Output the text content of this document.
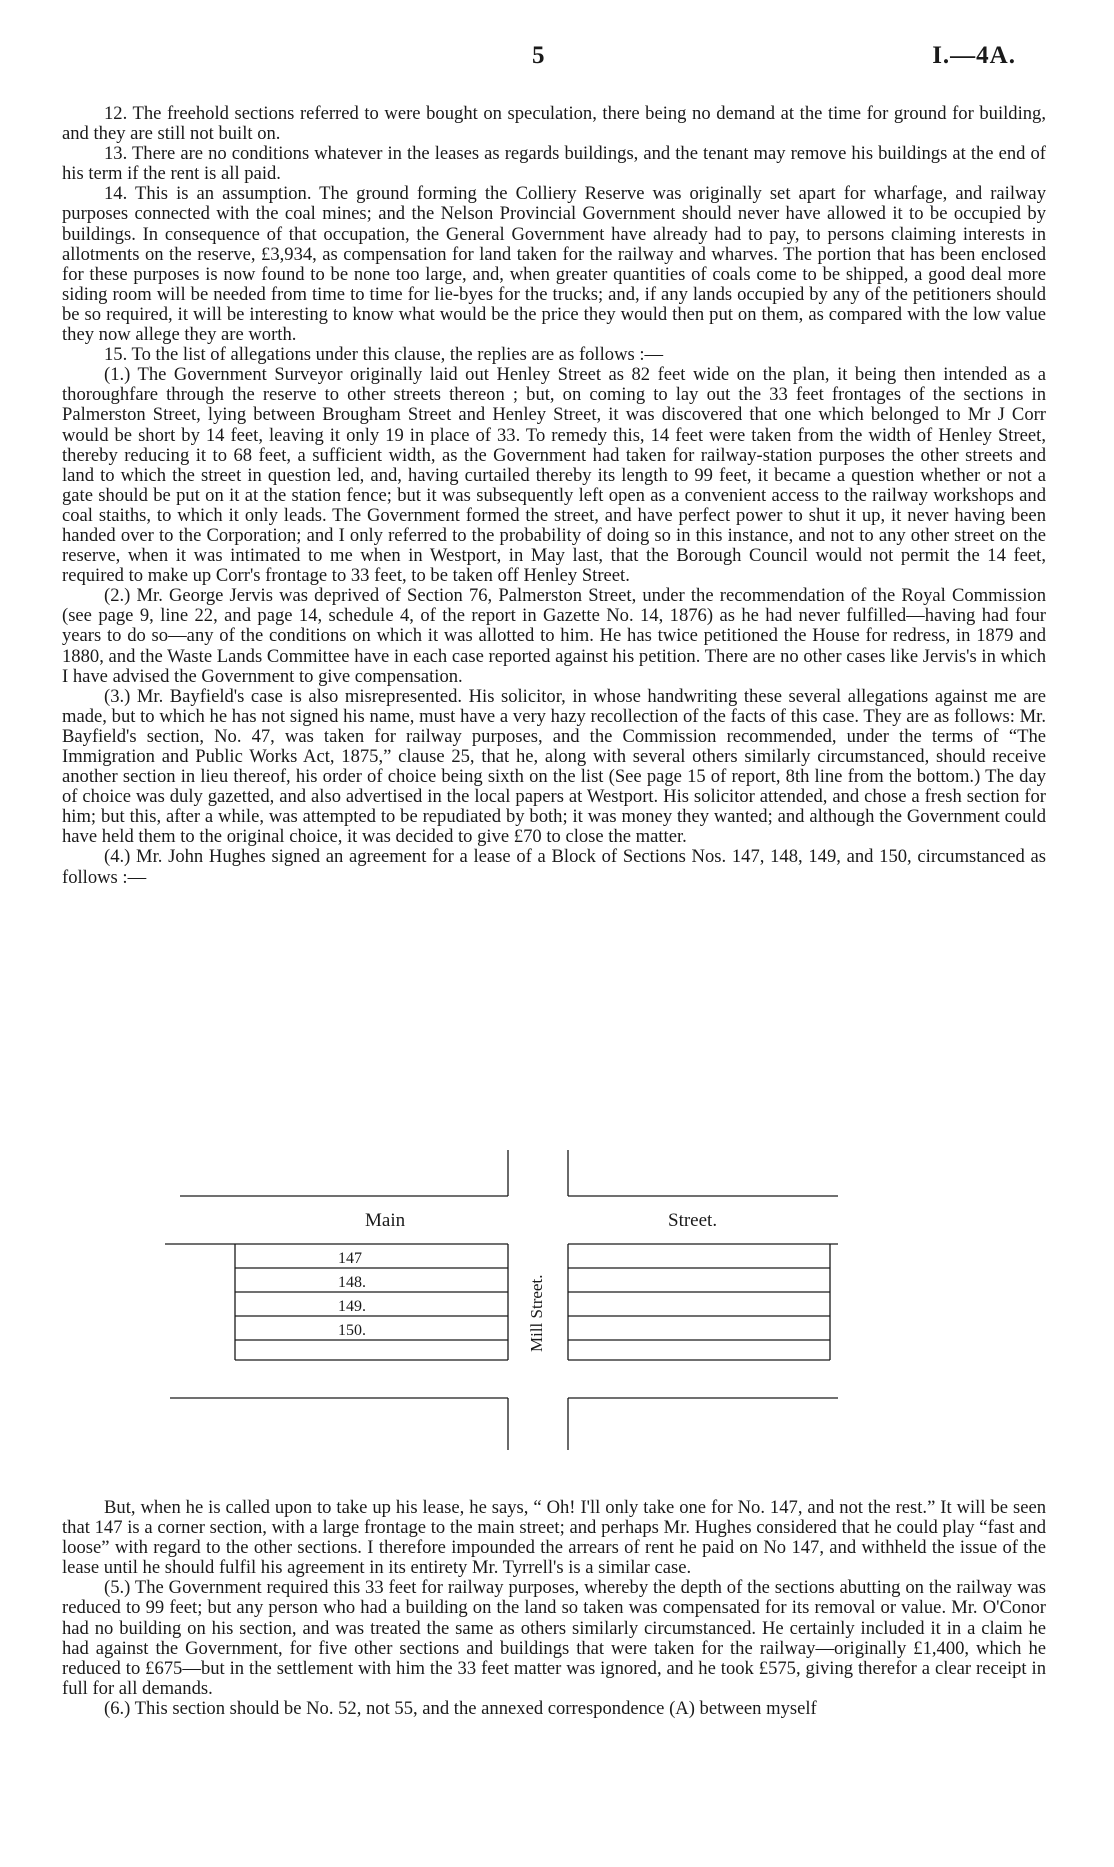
5	I.—4A.

12. The freehold sections referred to were bought on speculation, there being no demand at the time for ground for building, and they are still not built on.

13. There are no conditions whatever in the leases as regards buildings, and the tenant may remove his buildings at the end of his term if the rent is all paid.

14. This is an assumption. The ground forming the Colliery Reserve was originally set apart for wharfage, and railway purposes connected with the coal mines; and the Nelson Provincial Government should never have allowed it to be occupied by buildings. In consequence of that occupation, the General Government have already had to pay, to persons claiming interests in allotments on the reserve, £3,934, as compensation for land taken for the railway and wharves. The portion that has been enclosed for these purposes is now found to be none too large, and, when greater quantities of coals come to be shipped, a good deal more siding room will be needed from time to time for lie-byes for the trucks; and, if any lands occupied by any of the petitioners should be so required, it will be interesting to know what would be the price they would then put on them, as compared with the low value they now allege they are worth.

15. To the list of allegations under this clause, the replies are as follows :—

(1.) The Government Surveyor originally laid out Henley Street as 82 feet wide on the plan, it being then intended as a thoroughfare through the reserve to other streets thereon ; but, on coming to lay out the 33 feet frontages of the sections in Palmerston Street, lying between Brougham Street and Henley Street, it was discovered that one which belonged to Mr J Corr would be short by 14 feet, leaving it only 19 in place of 33. To remedy this, 14 feet were taken from the width of Henley Street, thereby reducing it to 68 feet, a sufficient width, as the Government had taken for railway-station purposes the other streets and land to which the street in question led, and, having curtailed thereby its length to 99 feet, it became a question whether or not a gate should be put on it at the station fence; but it was subsequently left open as a convenient access to the railway workshops and coal staiths, to which it only leads. The Government formed the street, and have perfect power to shut it up, it never having been handed over to the Corporation; and I only referred to the probability of doing so in this instance, and not to any other street on the reserve, when it was intimated to me when in Westport, in May last, that the Borough Council would not permit the 14 feet, required to make up Corr's frontage to 33 feet, to be taken off Henley Street.

(2.) Mr. George Jervis was deprived of Section 76, Palmerston Street, under the recommendation of the Royal Commission (see page 9, line 22, and page 14, schedule 4, of the report in Gazette No. 14, 1876) as he had never fulfilled—having had four years to do so—any of the conditions on which it was allotted to him. He has twice petitioned the House for redress, in 1879 and 1880, and the Waste Lands Committee have in each case reported against his petition. There are no other cases like Jervis's in which I have advised the Government to give compensation.

(3.) Mr. Bayfield's case is also misrepresented. His solicitor, in whose handwriting these several allegations against me are made, but to which he has not signed his name, must have a very hazy recollection of the facts of this case. They are as follows: Mr. Bayfield's section, No. 47, was taken for railway purposes, and the Commission recommended, under the terms of “The Immigration and Public Works Act, 1875,” clause 25, that he, along with several others similarly circumstanced, should receive another section in lieu thereof, his order of choice being sixth on the list (See page 15 of report, 8th line from the bottom.) The day of choice was duly gazetted, and also advertised in the local papers at Westport. His solicitor attended, and chose a fresh section for him; but this, after a while, was attempted to be repudiated by both; it was money they wanted; and although the Government could have held them to the original choice, it was decided to give £70 to close the matter.

(4.) Mr. John Hughes signed an agreement for a lease of a Block of Sections Nos. 147, 148, 149, and 150, circumstanced as follows :—

Main	Street.
Mill Street.
147
148.
149.
150.

But, when he is called upon to take up his lease, he says, “ Oh! I'll only take one for No. 147, and not the rest.” It will be seen that 147 is a corner section, with a large frontage to the main street; and perhaps Mr. Hughes considered that he could play “fast and loose” with regard to the other sections. I therefore impounded the arrears of rent he paid on No 147, and withheld the issue of the lease until he should fulfil his agreement in its entirety Mr. Tyrrell's is a similar case.

(5.) The Government required this 33 feet for railway purposes, whereby the depth of the sections abutting on the railway was reduced to 99 feet; but any person who had a building on the land so taken was compensated for its removal or value. Mr. O'Conor had no building on his section, and was treated the same as others similarly circumstanced. He certainly included it in a claim he had against the Government, for five other sections and buildings that were taken for the railway—originally £1,400, which he reduced to £675—but in the settlement with him the 33 feet matter was ignored, and he took £575, giving therefor a clear receipt in full for all demands.

(6.) This section should be No. 52, not 55, and the annexed correspondence (A) between myself
